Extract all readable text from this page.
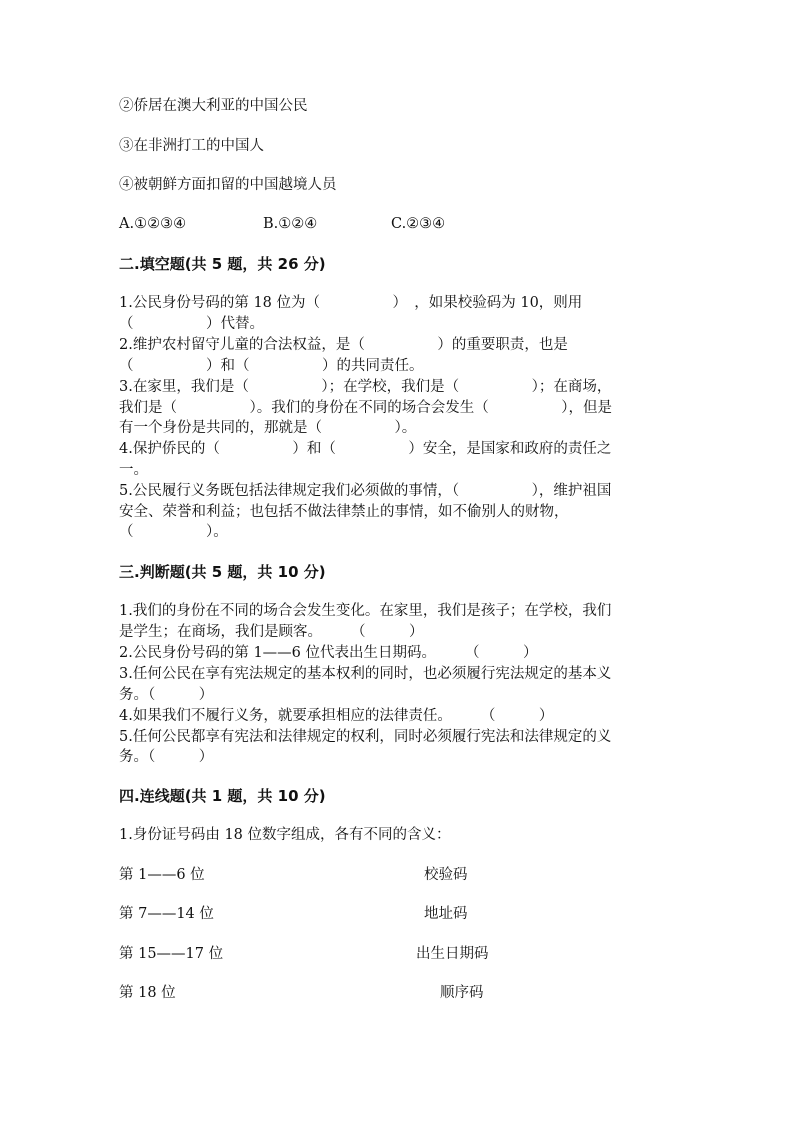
②侨居在澳大利亚的中国公民
③在非洲打工的中国人
④被朝鲜方面扣留的中国越境人员
A.①②③④	B.①②④	C.②③④
二.填空题(共 5 题，共 26 分)
1.公民身份号码的第 18 位为（　　　　　）　，如果校验码为 10，则用
（　　　　　）代替。
2.维护农村留守儿童的合法权益，是（　　　　　）的重要职责，也是
（　　　　　）和（　　　　　）的共同责任。
3.在家里，我们是（　　　　　）；在学校，我们是（　　　　　）；在商场，
我们是（　　　　　）。我们的身份在不同的场合会发生（　　　　　），但是
有一个身份是共同的，那就是（　　　　　）。
4.保护侨民的（　　　　　）和（　　　　　）安全，是国家和政府的责任之
一。
5.公民履行义务既包括法律规定我们必须做的事情，（　　　　　），维护祖国
安全、荣誉和利益；也包括不做法律禁止的事情，如不偷别人的财物，
（　　　　　）。
三.判断题(共 5 题，共 10 分)
1.我们的身份在不同的场合会发生变化。在家里，我们是孩子；在学校，我们
是学生；在商场，我们是顾客。　　　（　　　）
2.公民身份号码的第 1——6 位代表出生日期码。　　　（　　　）
3.任何公民在享有宪法规定的基本权利的同时，也必须履行宪法规定的基本义
务。（　　　）
4.如果我们不履行义务，就要承担相应的法律责任。　　　（　　　）
5.任何公民都享有宪法和法律规定的权利，同时必须履行宪法和法律规定的义
务。（　　　）
四.连线题(共 1 题，共 10 分)
1.身份证号码由 18 位数字组成，各有不同的含义：
第 1——6 位
第 7——14 位
第 15——17 位
第 18 位
校验码
地址码
出生日期码
顺序码
